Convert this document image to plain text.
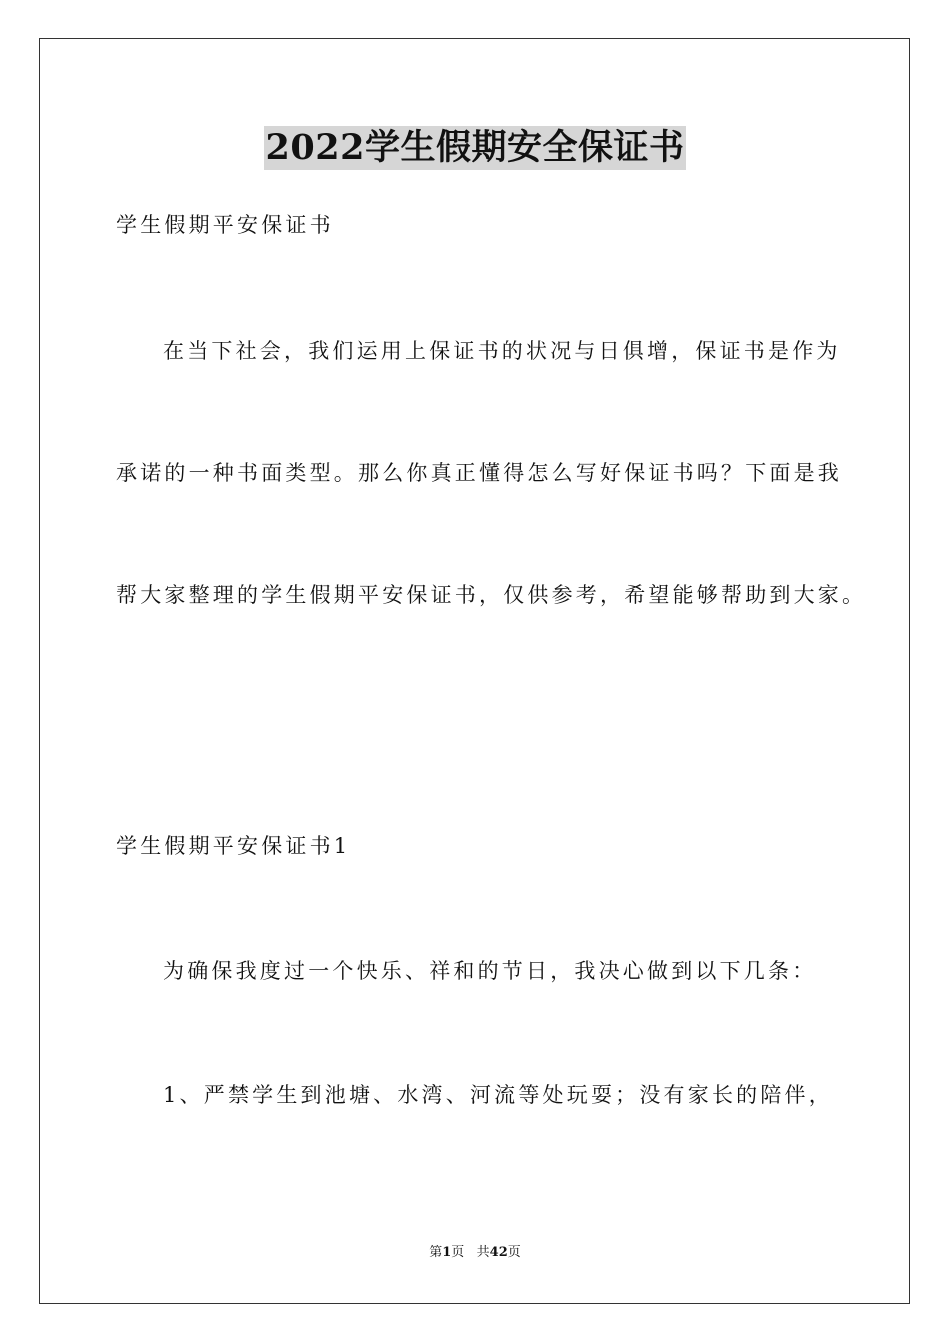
2022学生假期安全保证书
学生假期平安保证书
在当下社会，我们运用上保证书的状况与日俱增，保证书是作为
承诺的一种书面类型。那么你真正懂得怎么写好保证书吗？下面是我
帮大家整理的学生假期平安保证书，仅供参考，希望能够帮助到大家。
学生假期平安保证书1
为确保我度过一个快乐、祥和的节日，我决心做到以下几条：
1、严禁学生到池塘、水湾、河流等处玩耍；没有家长的陪伴，
第1页   共42页
